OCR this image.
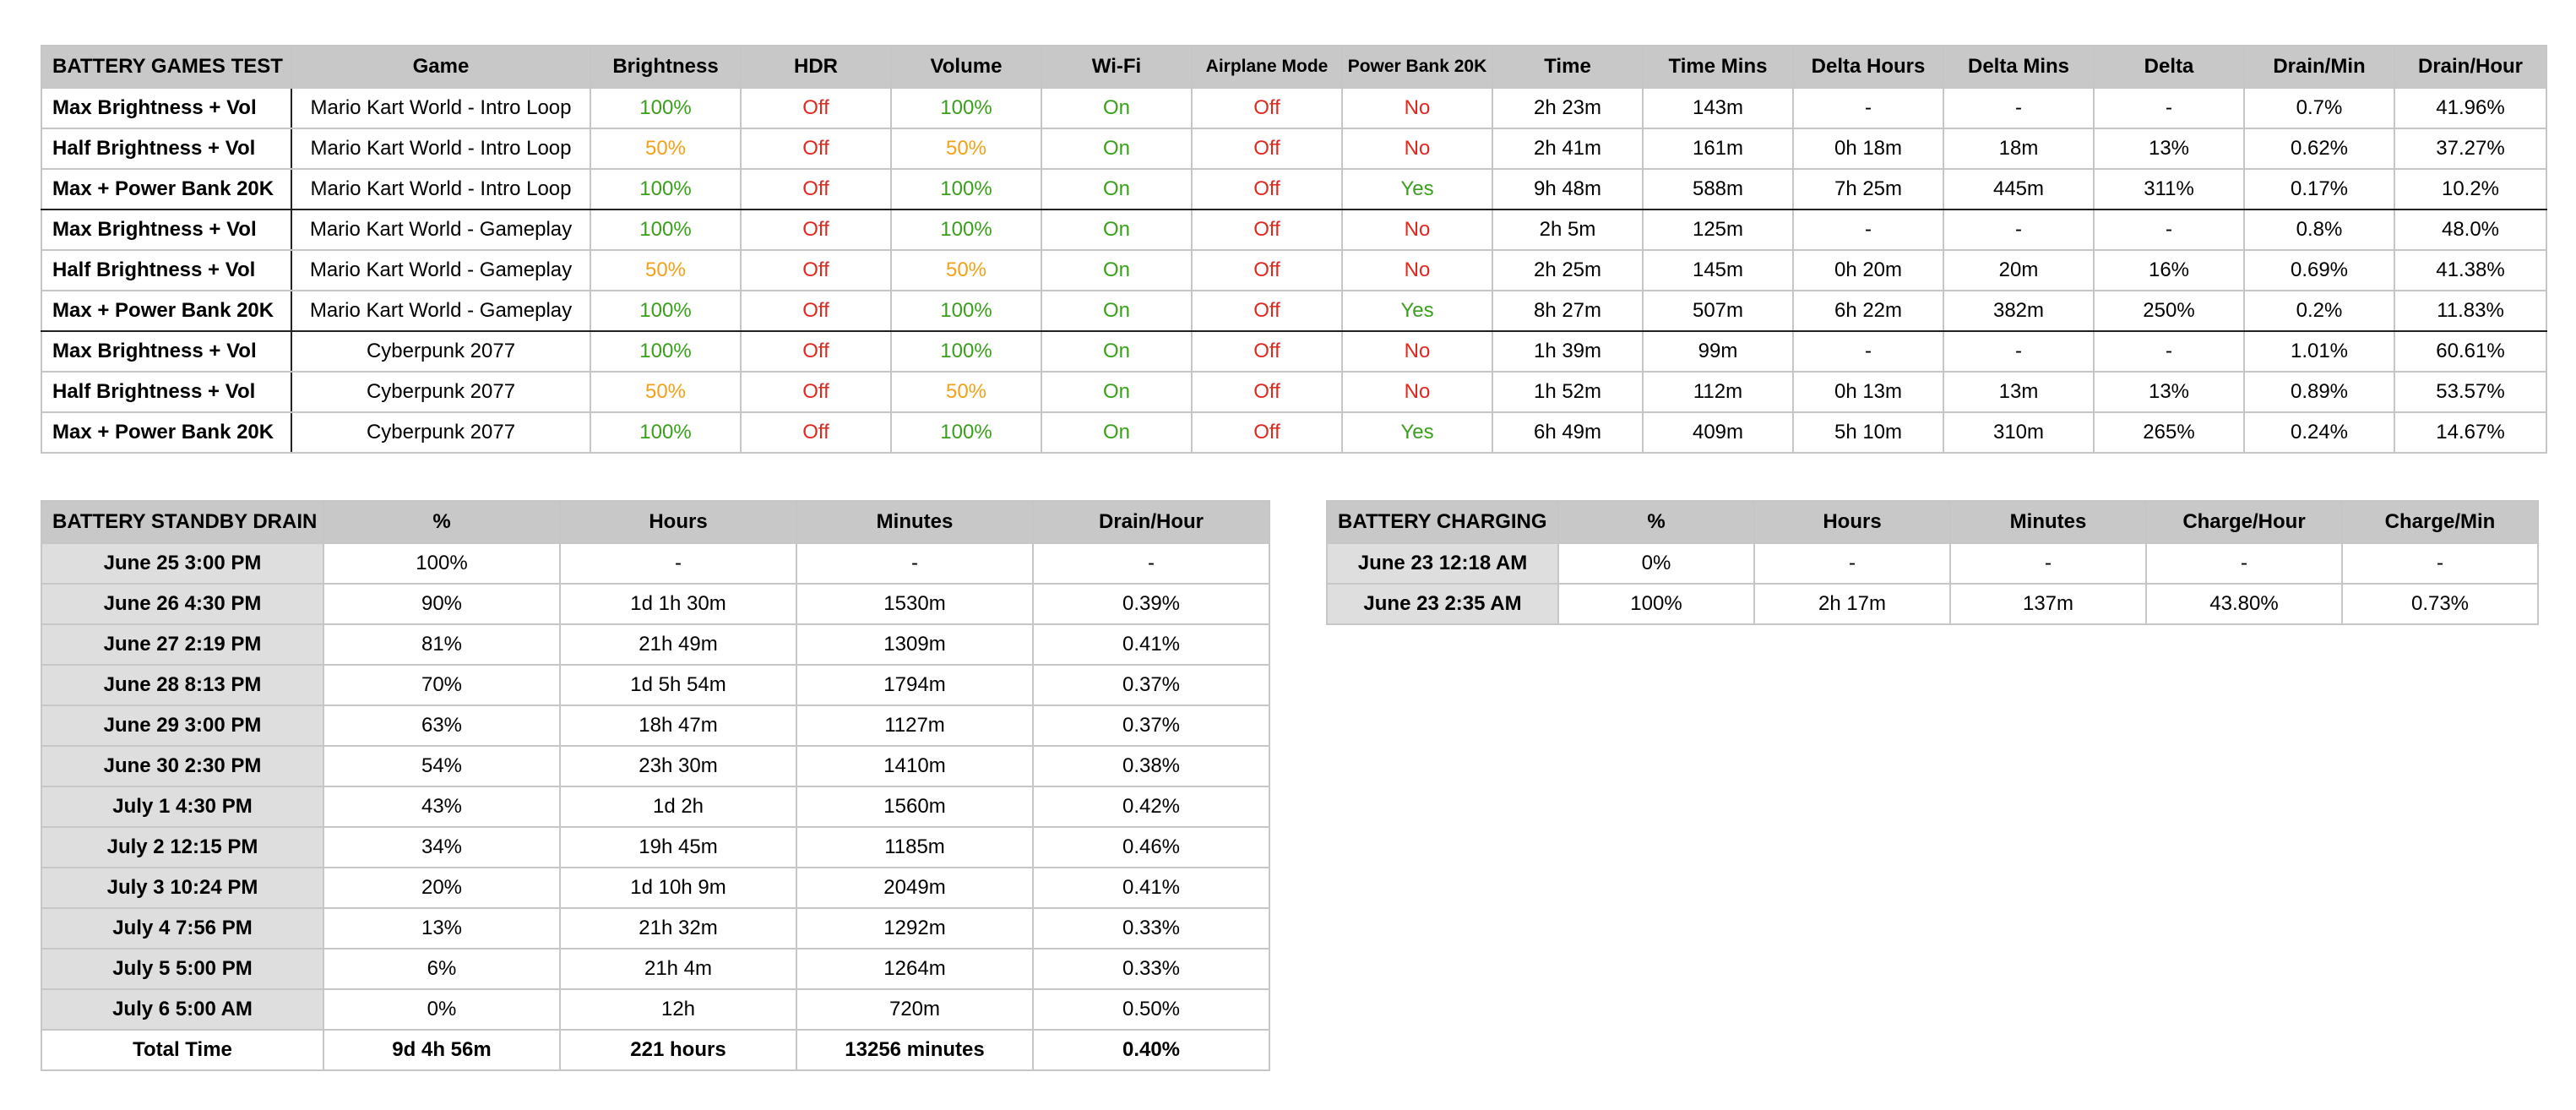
BATTERY GAMES TEST	Game	Brightness	HDR	Volume	Wi-Fi	Airplane Mode	Power Bank 20K	Time	Time Mins	Delta Hours	Delta Mins	Delta	Drain/Min	Drain/Hour
Max Brightness + Vol	Mario Kart World - Intro Loop	100%	Off	100%	On	Off	No	2h 23m	143m	-	-	-	0.7%	41.96%
Half Brightness + Vol	Mario Kart World - Intro Loop	50%	Off	50%	On	Off	No	2h 41m	161m	0h 18m	18m	13%	0.62%	37.27%
Max + Power Bank 20K	Mario Kart World - Intro Loop	100%	Off	100%	On	Off	Yes	9h 48m	588m	7h 25m	445m	311%	0.17%	10.2%
Max Brightness + Vol	Mario Kart World - Gameplay	100%	Off	100%	On	Off	No	2h 5m	125m	-	-	-	0.8%	48.0%
Half Brightness + Vol	Mario Kart World - Gameplay	50%	Off	50%	On	Off	No	2h 25m	145m	0h 20m	20m	16%	0.69%	41.38%
Max + Power Bank 20K	Mario Kart World - Gameplay	100%	Off	100%	On	Off	Yes	8h 27m	507m	6h 22m	382m	250%	0.2%	11.83%
Max Brightness + Vol	Cyberpunk 2077	100%	Off	100%	On	Off	No	1h 39m	99m	-	-	-	1.01%	60.61%
Half Brightness + Vol	Cyberpunk 2077	50%	Off	50%	On	Off	No	1h 52m	112m	0h 13m	13m	13%	0.89%	53.57%
Max + Power Bank 20K	Cyberpunk 2077	100%	Off	100%	On	Off	Yes	6h 49m	409m	5h 10m	310m	265%	0.24%	14.67%
BATTERY STANDBY DRAIN	%	Hours	Minutes	Drain/Hour
June 25 3:00 PM	100%	-	-	-
June 26 4:30 PM	90%	1d 1h 30m	1530m	0.39%
June 27 2:19 PM	81%	21h 49m	1309m	0.41%
June 28 8:13 PM	70%	1d 5h 54m	1794m	0.37%
June 29 3:00 PM	63%	18h 47m	1127m	0.37%
June 30 2:30 PM	54%	23h 30m	1410m	0.38%
July 1 4:30 PM	43%	1d 2h	1560m	0.42%
July 2 12:15 PM	34%	19h 45m	1185m	0.46%
July 3 10:24 PM	20%	1d 10h 9m	2049m	0.41%
July 4 7:56 PM	13%	21h 32m	1292m	0.33%
July 5 5:00 PM	6%	21h 4m	1264m	0.33%
July 6 5:00 AM	0%	12h	720m	0.50%
Total Time	9d 4h 56m	221 hours	13256 minutes	0.40%
BATTERY CHARGING	%	Hours	Minutes	Charge/Hour	Charge/Min
June 23 12:18 AM	0%	-	-	-	-
June 23 2:35 AM	100%	2h 17m	137m	43.80%	0.73%
